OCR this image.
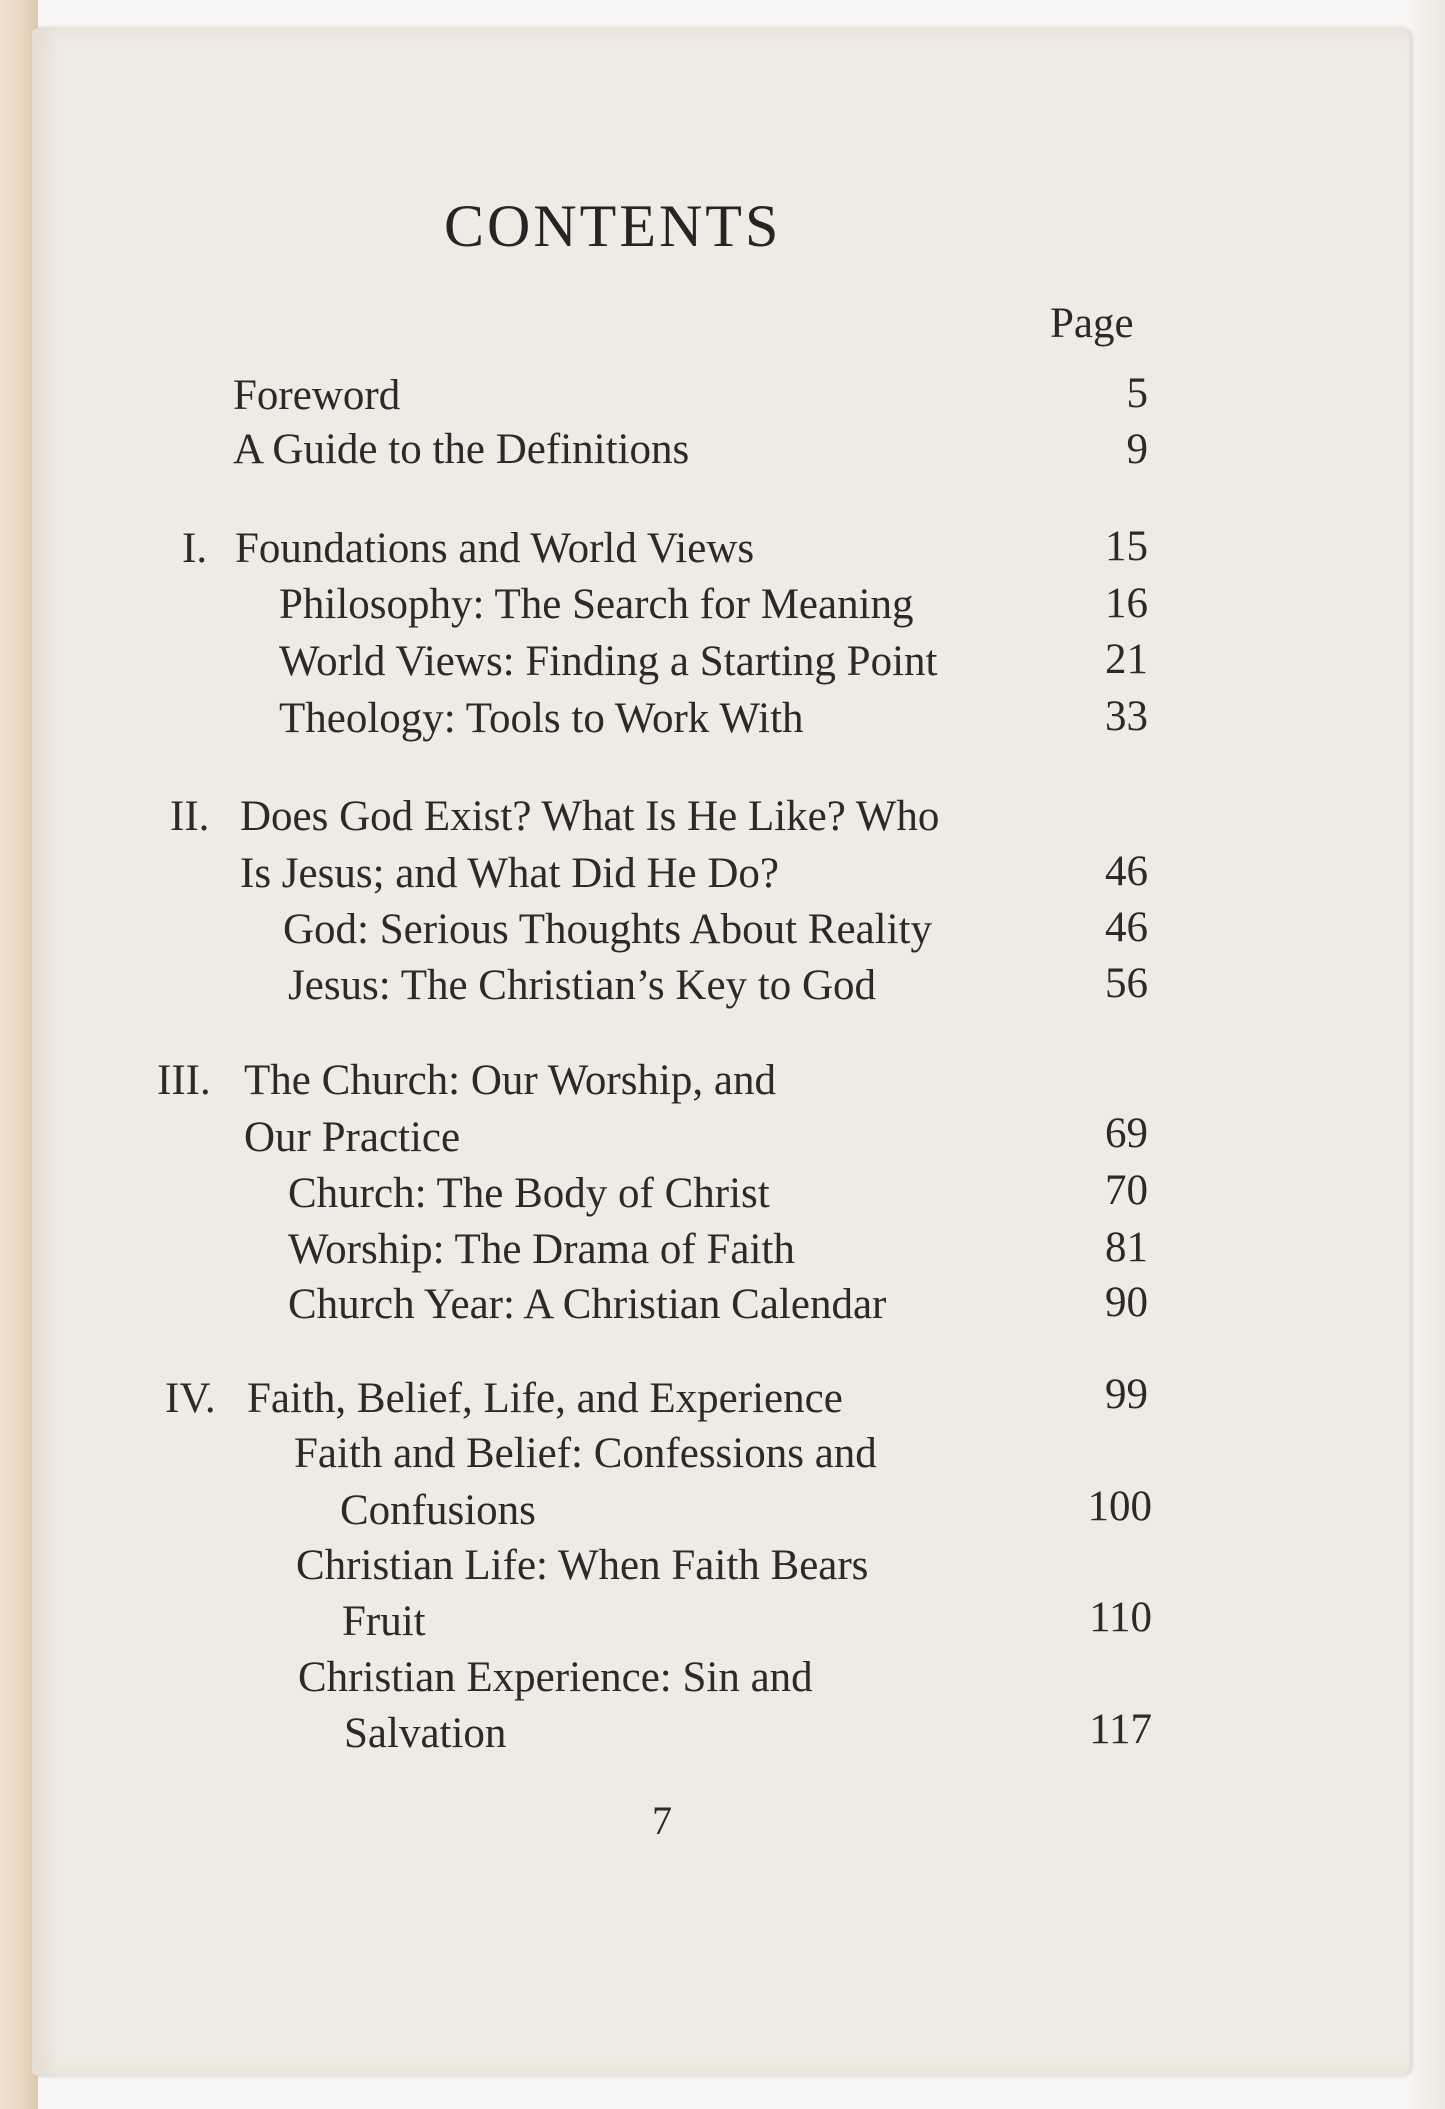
CONTENTS
Page
Foreword	5
A Guide to the Definitions	9
I. Foundations and World Views	15
Philosophy: The Search for Meaning	16
World Views: Finding a Starting Point	21
Theology: Tools to Work With	33
II. Does God Exist? What Is He Like? Who
Is Jesus; and What Did He Do?	46
God: Serious Thoughts About Reality	46
Jesus: The Christian’s Key to God	56
III. The Church: Our Worship, and
Our Practice	69
Church: The Body of Christ	70
Worship: The Drama of Faith	81
Church Year: A Christian Calendar	90
IV. Faith, Belief, Life, and Experience	99
Faith and Belief: Confessions and
Confusions	100
Christian Life: When Faith Bears
Fruit	110
Christian Experience: Sin and
Salvation	117
7
